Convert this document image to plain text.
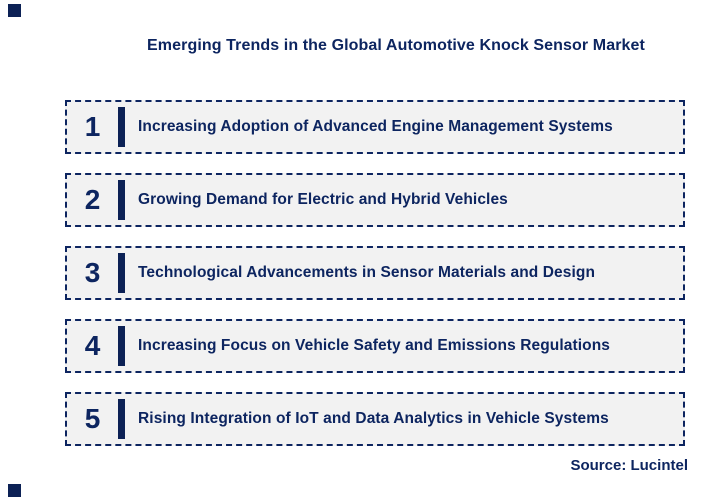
Emerging Trends in the Global Automotive Knock Sensor Market
1	Increasing Adoption of Advanced Engine Management Systems
2	Growing Demand for Electric and Hybrid Vehicles
3	Technological Advancements in Sensor Materials and Design
4	Increasing Focus on Vehicle Safety and Emissions Regulations
5	Rising Integration of IoT and Data Analytics in Vehicle Systems
Source: Lucintel
